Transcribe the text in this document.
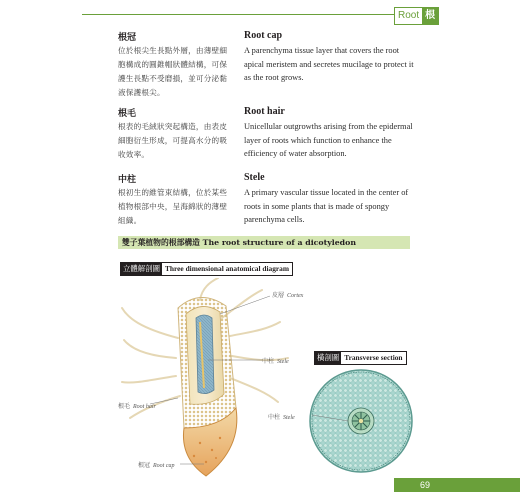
Root 根
根冠
位於根尖生長點外層，由薄壁細胞構成的圓錐帽狀體結構，可保護生長點不受磨損，並可分泌黏液保護根尖。
Root cap
A parenchyma tissue layer that covers the root apical meristem and secretes mucilage to protect it as the root grows.
根毛
根表的毛絨狀突起構造，由表皮細胞衍生形成，可提高水分的吸收效率。
Root hair
Unicellular outgrowths arising from the epidermal layer of roots which function to enhance the efficiency of water absorption.
中柱
根初生的維管束結構，位於某些植物根部中央，呈海綿狀的薄壁組織。
Stele
A primary vascular tissue located in the center of roots in some plants that is made of spongy parenchyma cells.
雙子葉植物的根部構造 The root structure of a dicotyledon
立體解剖圖 Three dimensional anatomical diagram
皮層 Cortex
中柱 Stele
根毛 Root hair
根冠 Root cap
橫剖圖 Transverse section
中柱 Stele
69
